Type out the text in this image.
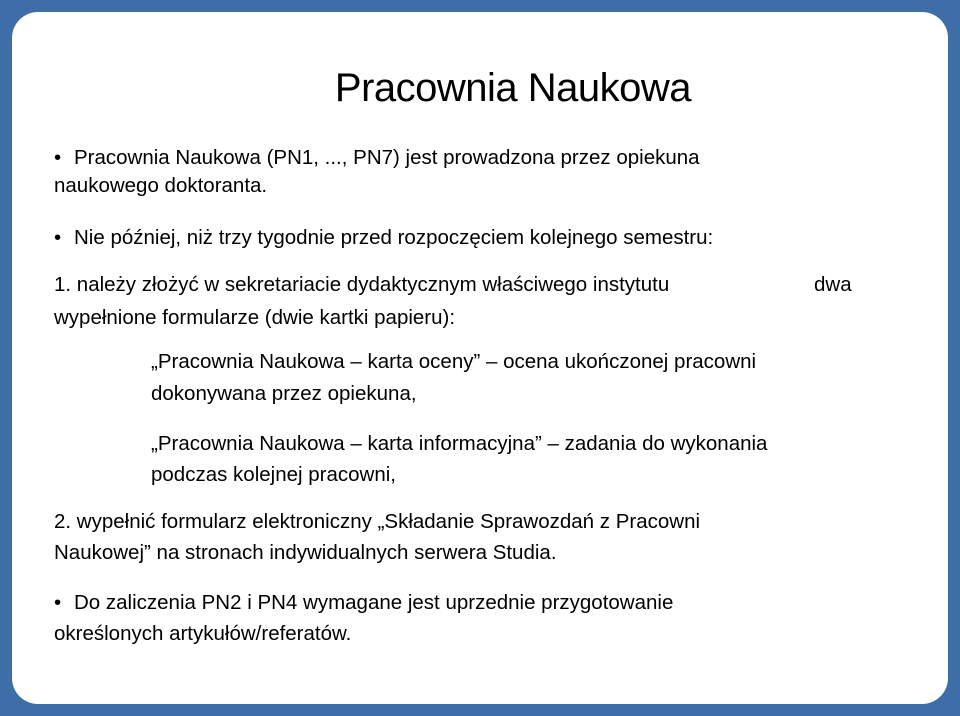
Pracownia Naukowa
• Pracownia Naukowa (PN1, ..., PN7) jest prowadzona przez opiekuna
naukowego doktoranta.
• Nie później, niż trzy tygodnie przed rozpoczęciem kolejnego semestru:
1. należy złożyć w sekretariacie dydaktycznym właściwego instytutu	dwa
wypełnione formularze (dwie kartki papieru):
„Pracownia Naukowa – karta oceny” – ocena ukończonej pracowni
dokonywana przez opiekuna,
„Pracownia Naukowa – karta informacyjna” – zadania do wykonania
podczas kolejnej pracowni,
2. wypełnić formularz elektroniczny „Składanie Sprawozdań z Pracowni
Naukowej” na stronach indywidualnych serwera Studia.
• Do zaliczenia PN2 i PN4 wymagane jest uprzednie przygotowanie
określonych artykułów/referatów.
